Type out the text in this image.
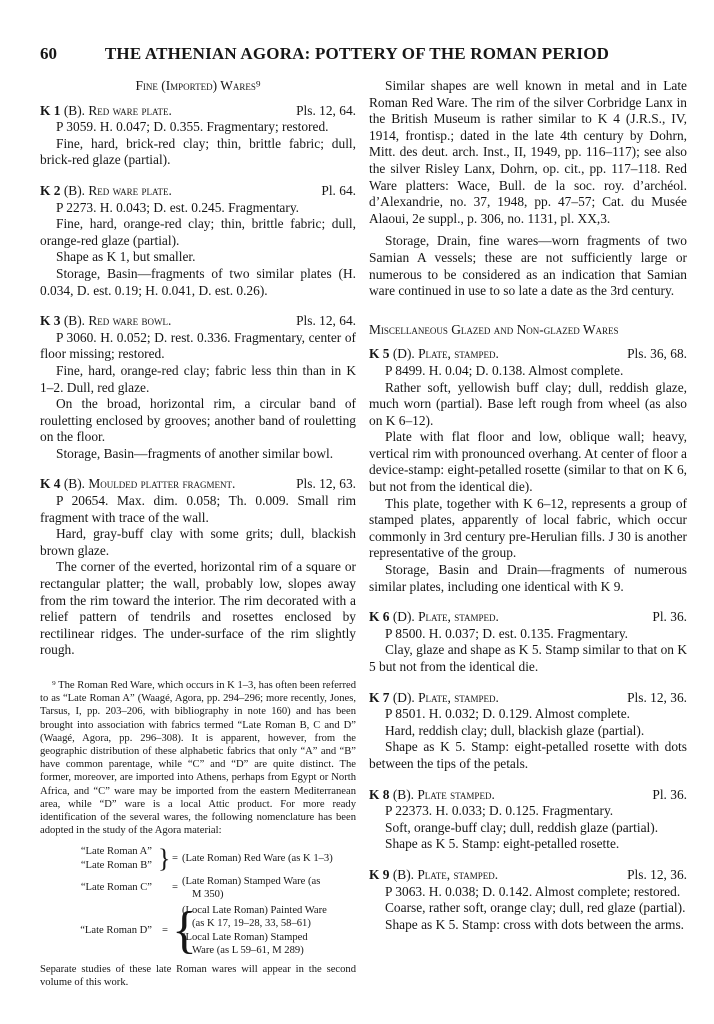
60	THE ATHENIAN AGORA: POTTERY OF THE ROMAN PERIOD
Fine (Imported) Wares⁹
K 1 (B). Red ware plate.	Pls. 12, 64.

P 3059. H. 0.047; D. 0.355. Fragmentary; restored.

Fine, hard, brick-red clay; thin, brittle fabric; dull, brick-red glaze (partial).

K 2 (B). Red ware plate.	Pl. 64.

P 2273. H. 0.043; D. est. 0.245. Fragmentary.

Fine, hard, orange-red clay; thin, brittle fabric; dull, orange-red glaze (partial).

Shape as K 1, but smaller.

Storage, Basin—fragments of two similar plates (H. 0.034, D. est. 0.19; H. 0.041, D. est. 0.26).

K 3 (B). Red ware bowl.	Pls. 12, 64.

P 3060. H. 0.052; D. rest. 0.336. Fragmentary, center of floor missing; restored.

Fine, hard, orange-red clay; fabric less thin than in K 1–2. Dull, red glaze.

On the broad, horizontal rim, a circular band of rouletting enclosed by grooves; another band of rouletting on the floor.

Storage, Basin—fragments of another similar bowl.

K 4 (B). Moulded platter fragment.	Pls. 12, 63.

P 20654. Max. dim. 0.058; Th. 0.009. Small rim fragment with trace of the wall.

Hard, gray-buff clay with some grits; dull, blackish brown glaze.

The corner of the everted, horizontal rim of a square or rectangular platter; the wall, probably low, slopes away from the rim toward the interior. The rim decorated with a relief pattern of tendrils and rosettes enclosed by rectilinear ridges. The under-surface of the rim slightly rough.

⁹ The Roman Red Ware, which occurs in K 1–3, has often been referred to as “Late Roman A” (Waagé, Agora, pp. 294–296; more recently, Jones, Tarsus, I, pp. 203–206, with bibliography in note 160) and has been brought into association with fabrics termed “Late Roman B, C and D” (Waagé, Agora, pp. 296–308). It is apparent, however, from the geographic distribution of these alphabetic fabrics that only “A” and “B” have common parentage, while “C” and “D” are quite distinct. The former, moreover, are imported into Athens, perhaps from Egypt or North Africa, and “C” ware may be imported from the eastern Mediterranean area, while “D” ware is a local Attic product. For more ready identification of the several wares, the following nomenclature has been adopted in the study of the Agora material:

“Late Roman A”
“Late Roman B” } = (Late Roman) Red Ware (as K 1–3)
“Late Roman C”	=
(Late Roman) Stamped Ware (as
M 350)
“Late Roman D” = {
(Local Late Roman) Painted Ware
(as K 17, 19–28, 33, 58–61)
(Local Late Roman) Stamped
Ware (as L 59–61, M 289)

Separate studies of these late Roman wares will appear in the second volume of this work.

Similar shapes are well known in metal and in Late Roman Red Ware. The rim of the silver Corbridge Lanx in the British Museum is rather similar to K 4 (J.R.S., IV, 1914, frontisp.; dated in the late 4th century by Dohrn, Mitt. des deut. arch. Inst., II, 1949, pp. 116–117); see also the silver Risley Lanx, Dohrn, op. cit., pp. 117–118. Red Ware platters: Wace, Bull. de la soc. roy. d’archéol. d’Alexandrie, no. 37, 1948, pp. 47–57; Cat. du Musée Alaoui, 2e suppl., p. 306, no. 1131, pl. XX,3.

Storage, Drain, fine wares—worn fragments of two Samian A vessels; these are not sufficiently large or numerous to be considered as an indication that Samian ware continued in use to so late a date as the 3rd century.

Miscellaneous Glazed and Non-glazed Wares
K 5 (D). Plate, stamped.	Pls. 36, 68.

P 8499. H. 0.04; D. 0.138. Almost complete.

Rather soft, yellowish buff clay; dull, reddish glaze, much worn (partial). Base left rough from wheel (as also on K 6–12).

Plate with flat floor and low, oblique wall; heavy, vertical rim with pronounced overhang. At center of floor a device-stamp: eight-petalled rosette (similar to that on K 6, but not from the identical die).

This plate, together with K 6–12, represents a group of stamped plates, apparently of local fabric, which occur commonly in 3rd century pre-Herulian fills. J 30 is another representative of the group.

Storage, Basin and Drain—fragments of numerous similar plates, including one identical with K 9.

K 6 (D). Plate, stamped.	Pl. 36.

P 8500. H. 0.037; D. est. 0.135. Fragmentary.

Clay, glaze and shape as K 5. Stamp similar to that on K 5 but not from the identical die.

K 7 (D). Plate, stamped.	Pls. 12, 36.

P 8501. H. 0.032; D. 0.129. Almost complete.

Hard, reddish clay; dull, blackish glaze (partial).

Shape as K 5. Stamp: eight-petalled rosette with dots between the tips of the petals.

K 8 (B). Plate stamped.	Pl. 36.

P 22373. H. 0.033; D. 0.125. Fragmentary.

Soft, orange-buff clay; dull, reddish glaze (partial).

Shape as K 5. Stamp: eight-petalled rosette.

K 9 (B). Plate, stamped.	Pls. 12, 36.

P 3063. H. 0.038; D. 0.142. Almost complete; restored.

Coarse, rather soft, orange clay; dull, red glaze (partial).

Shape as K 5. Stamp: cross with dots between the arms.
